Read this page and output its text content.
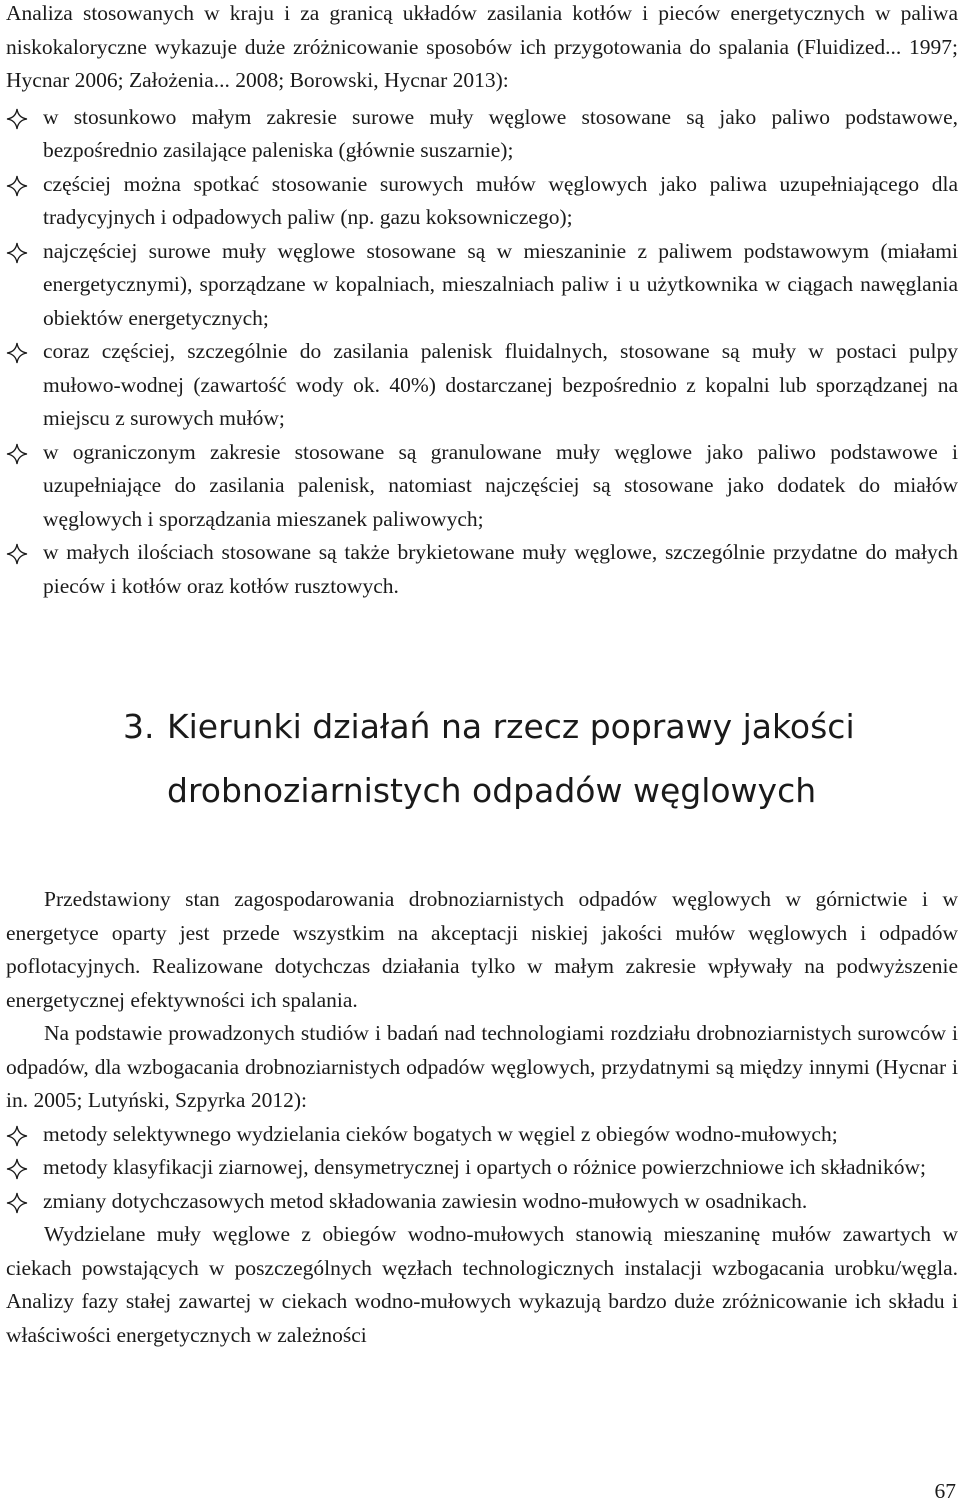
Analiza stosowanych w kraju i za granicą układów zasilania kotłów i pieców energetycznych w paliwa niskokaloryczne wykazuje duże zróżnicowanie sposobów ich przygotowania do spalania (Fluidized... 1997; Hycnar 2006; Założenia... 2008; Borowski, Hycnar 2013):

w stosunkowo małym zakresie surowe muły węglowe stosowane są jako paliwo podstawowe, bezpośrednio zasilające paleniska (głównie suszarnie);
częściej można spotkać stosowanie surowych mułów węglowych jako paliwa uzupełniającego dla tradycyjnych i odpadowych paliw (np. gazu koksowniczego);
najczęściej surowe muły węglowe stosowane są w mieszaninie z paliwem podstawowym (miałami energetycznymi), sporządzane w kopalniach, mieszalniach paliw i u użytkownika w ciągach nawęglania obiektów energetycznych;
coraz częściej, szczególnie do zasilania palenisk fluidalnych, stosowane są muły w postaci pulpy mułowo-wodnej (zawartość wody ok. 40%) dostarczanej bezpośrednio z kopalni lub sporządzanej na miejscu z surowych mułów;
w ograniczonym zakresie stosowane są granulowane muły węglowe jako paliwo podstawowe i uzupełniające do zasilania palenisk, natomiast najczęściej są stosowane jako dodatek do miałów węglowych i sporządzania mieszanek paliwowych;
w małych ilościach stosowane są także brykietowane muły węglowe, szczególnie przydatne do małych pieców i kotłów oraz kotłów rusztowych.
3. Kierunki działań na rzecz poprawy jakości
drobnoziarnistych odpadów węglowych

Przedstawiony stan zagospodarowania drobnoziarnistych odpadów węglowych w górnictwie i w energetyce oparty jest przede wszystkim na akceptacji niskiej jakości mułów węglowych i odpadów poflotacyjnych. Realizowane dotychczas działania tylko w małym zakresie wpływały na podwyższenie energetycznej efektywności ich spalania.

Na podstawie prowadzonych studiów i badań nad technologiami rozdziału drobnoziarnistych surowców i odpadów, dla wzbogacania drobnoziarnistych odpadów węglowych, przydatnymi są między innymi (Hycnar i in. 2005; Lutyński, Szpyrka 2012):

metody selektywnego wydzielania cieków bogatych w węgiel z obiegów wodno-mułowych;
metody klasyfikacji ziarnowej, densymetrycznej i opartych o różnice powierzchniowe ich składników;
zmiany dotychczasowych metod składowania zawiesin wodno-mułowych w osadnikach.

Wydzielane muły węglowe z obiegów wodno-mułowych stanowią mieszaninę mułów zawartych w ciekach powstających w poszczególnych węzłach technologicznych instalacji wzbogacania urobku/węgla. Analizy fazy stałej zawartej w ciekach wodno-mułowych wykazują bardzo duże zróżnicowanie ich składu i właściwości energetycznych w zależności

67
